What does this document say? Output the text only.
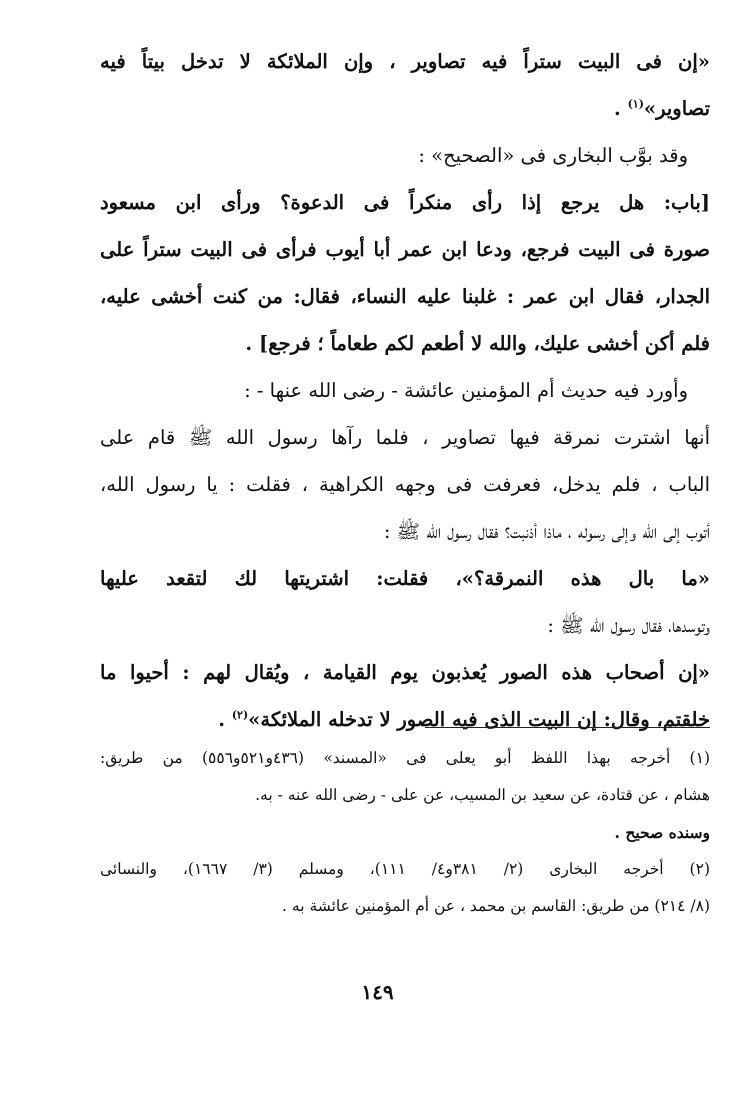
«إن فى البيت ستراً فيه تصاوير ، وإن الملائكة لا تدخل بيتاً فيه
تصاوير»$^{(١)}$ .
وقد بوَّب البخارى فى «الصحيح» :
[باب: هل يرجع إذا رأى منكراً فى الدعوة؟ ورأى ابن مسعود
صورة فى البيت فرجع، ودعا ابن عمر أبا أيوب فرأى فى البيت ستراً على
الجدار، فقال ابن عمر : غلبنا عليه النساء، فقال: من كنت أخشى عليه،
فلم أكن أخشى عليك، والله لا أطعم لكم طعاماً ؛ فرجع] .
وأورد فيه حديث أم المؤمنين عائشة - رضى الله عنها - :
أنها اشترت نمرقة فيها تصاوير ، فلما رآها رسول الله ﷺ قام على
الباب ، فلم يدخل، فعرفت فى وجهه الكراهية ، فقلت : يا رسول الله،
أتوب إلى الله وإلى رسوله ، ماذا أذنبت؟ فقال رسول الله ﷺ :
«ما بال هذه النمرقة؟»، فقلت: اشتريتها لك لتقعد عليها
وتوسدها، فقال رسول الله ﷺ :
«إن أصحاب هذه الصور يُعذبون يوم القيامة ، ويُقال لهم : أحيوا ما
خلقتم، وقال: إن البيت الذى فيه الصور لا تدخله الملائكة»$^{(٢)}$ .
(١) أخرجه بهذا اللفظ أبو يعلى فى «المسند» (٤٣٦و٥٢١و٥٥٦) من طريق:
هشام ، عن قتادة، عن سعيد بن المسيب، عن على - رضى الله عنه - به.
وسنده صحيح .
(٢) أخرجه البخارى (٢/ ٣٨١و٤/ ١١١)، ومسلم (٣/ ١٦٦٧)، والنسائى
(٨/ ٢١٤) من طريق: القاسم بن محمد ، عن أم المؤمنين عائشة به .
١٤٩
